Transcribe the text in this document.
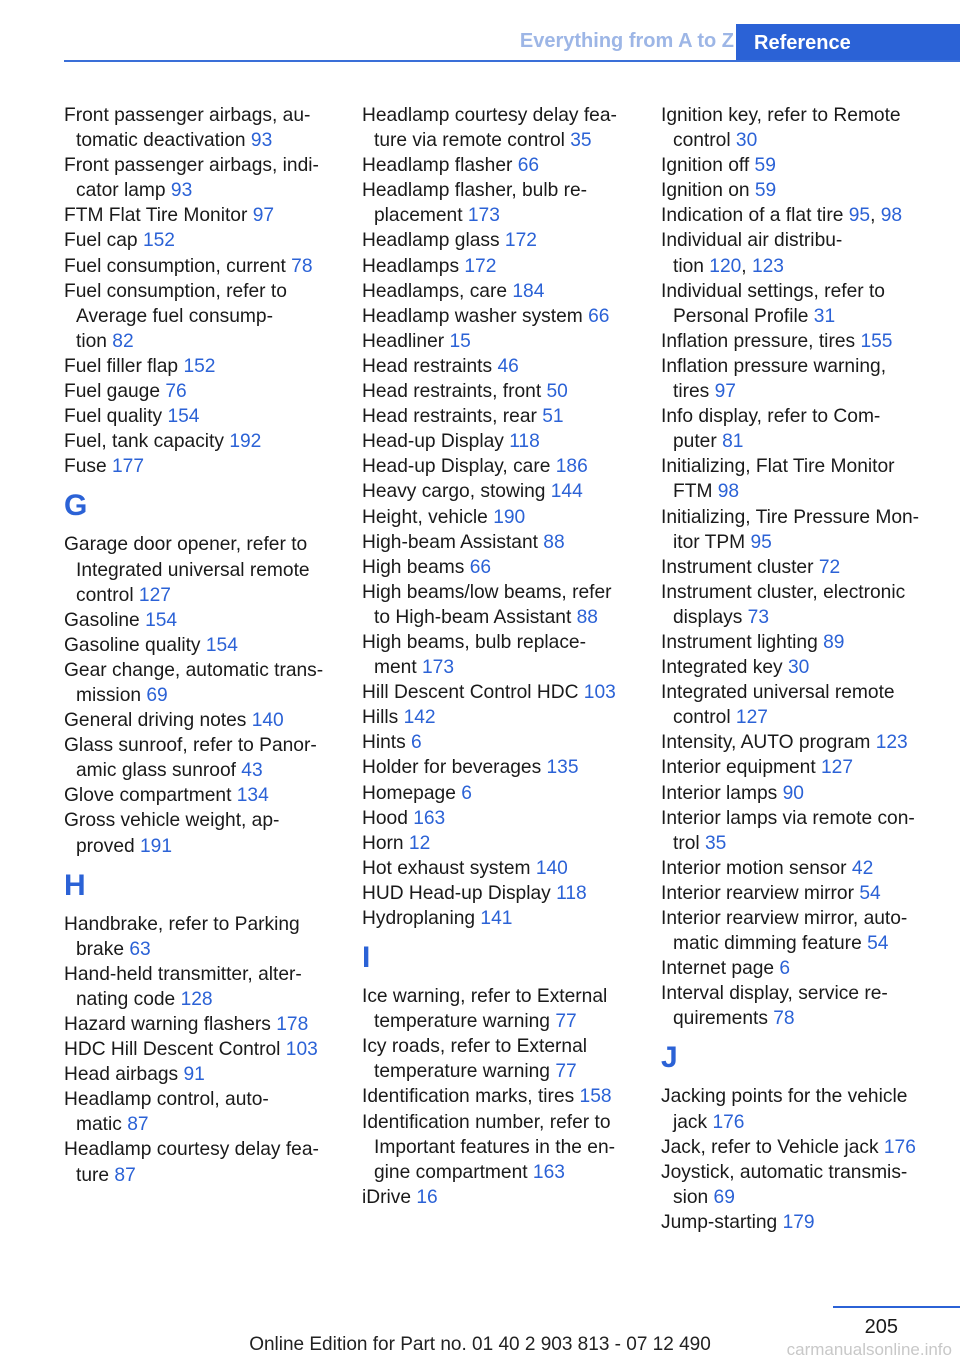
Everything from A to Z	Reference
Front passenger airbags, au-
tomatic deactivation 93
Front passenger airbags, indi-
cator lamp 93
FTM Flat Tire Monitor 97
Fuel cap 152
Fuel consumption, current 78
Fuel consumption, refer to
Average fuel consump-
tion 82
Fuel filler flap 152
Fuel gauge 76
Fuel quality 154
Fuel, tank capacity 192
Fuse 177
G
Garage door opener, refer to
Integrated universal remote
control 127
Gasoline 154
Gasoline quality 154
Gear change, automatic trans-
mission 69
General driving notes 140
Glass sunroof, refer to Panor-
amic glass sunroof 43
Glove compartment 134
Gross vehicle weight, ap-
proved 191
H
Handbrake, refer to Parking
brake 63
Hand-held transmitter, alter-
nating code 128
Hazard warning flashers 178
HDC Hill Descent Control 103
Head airbags 91
Headlamp control, auto-
matic 87
Headlamp courtesy delay fea-
ture 87
Headlamp courtesy delay fea-
ture via remote control 35
Headlamp flasher 66
Headlamp flasher, bulb re-
placement 173
Headlamp glass 172
Headlamps 172
Headlamps, care 184
Headlamp washer system 66
Headliner 15
Head restraints 46
Head restraints, front 50
Head restraints, rear 51
Head-up Display 118
Head-up Display, care 186
Heavy cargo, stowing 144
Height, vehicle 190
High-beam Assistant 88
High beams 66
High beams/low beams, refer
to High-beam Assistant 88
High beams, bulb replace-
ment 173
Hill Descent Control HDC 103
Hills 142
Hints 6
Holder for beverages 135
Homepage 6
Hood 163
Horn 12
Hot exhaust system 140
HUD Head-up Display 118
Hydroplaning 141
I
Ice warning, refer to External
temperature warning 77
Icy roads, refer to External
temperature warning 77
Identification marks, tires 158
Identification number, refer to
Important features in the en-
gine compartment 163
iDrive 16
Ignition key, refer to Remote
control 30
Ignition off 59
Ignition on 59
Indication of a flat tire 95, 98
Individual air distribu-
tion 120, 123
Individual settings, refer to
Personal Profile 31
Inflation pressure, tires 155
Inflation pressure warning,
tires 97
Info display, refer to Com-
puter 81
Initializing, Flat Tire Monitor
FTM 98
Initializing, Tire Pressure Mon-
itor TPM 95
Instrument cluster 72
Instrument cluster, electronic
displays 73
Instrument lighting 89
Integrated key 30
Integrated universal remote
control 127
Intensity, AUTO program 123
Interior equipment 127
Interior lamps 90
Interior lamps via remote con-
trol 35
Interior motion sensor 42
Interior rearview mirror 54
Interior rearview mirror, auto-
matic dimming feature 54
Internet page 6
Interval display, service re-
quirements 78
J
Jacking points for the vehicle
jack 176
Jack, refer to Vehicle jack 176
Joystick, automatic transmis-
sion 69
Jump-starting 179
205
Online Edition for Part no. 01 40 2 903 813 - 07 12 490	carmanualsonline.info
